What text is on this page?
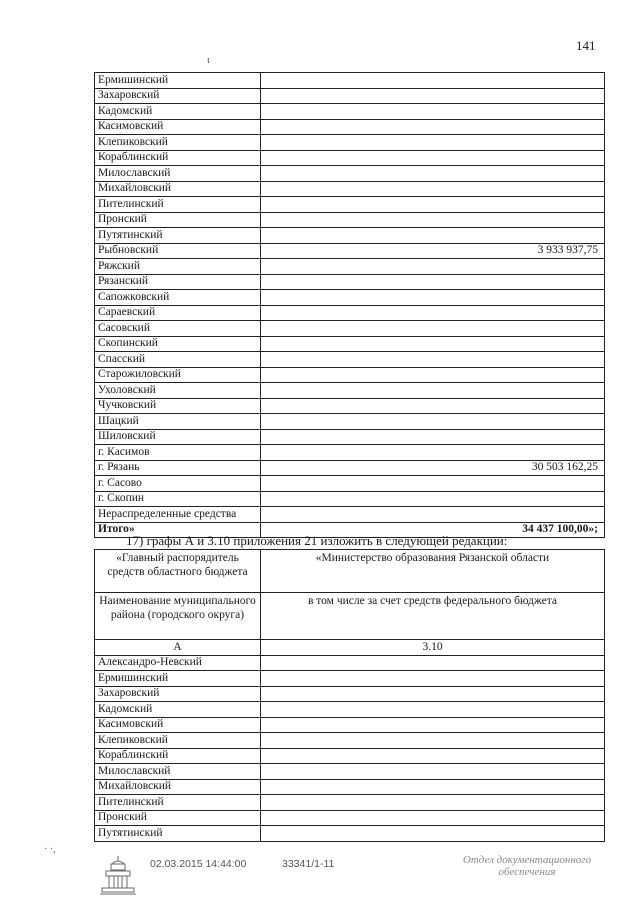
141
ι
Ермишинский	
Захаровский	
Кадомский	
Касимовский	
Клепиковский	
Кораблинский	
Милославский	
Михайловский	
Пителинский	
Пронский	
Путятинский	
Рыбновский	3 933 937,75
Ряжский	
Рязанский	
Сапожковский	
Сараевский	
Сасовский	
Скопинский	
Спасский	
Старожиловский	
Ухоловский	
Чучковский	
Шацкий	
Шиловский	
г. Касимов	
г. Рязань	30 503 162,25
г. Сасово	
г. Скопин	
Нераспределенные средства	
Итого»	34 437 100,00»;
17) графы А и 3.10 приложения 21 изложить в следующей редакции:
«Главный распорядитель средств областного бюджета	«Министерство образования Рязанской области
Наименование муниципального района (городского округа)	в том числе за счет средств федерального бюджета
А	3.10
Александро-Невский	
Ермишинский	
Захаровский	
Кадомский	
Касимовский	
Клепиковский	
Кораблинский	
Милославский	
Михайловский	
Пителинский	
Пронский	
Путятинский	
· ·,
02.03.2015 14:44:00	33341/1-11	Отдел документационного обеспечения
